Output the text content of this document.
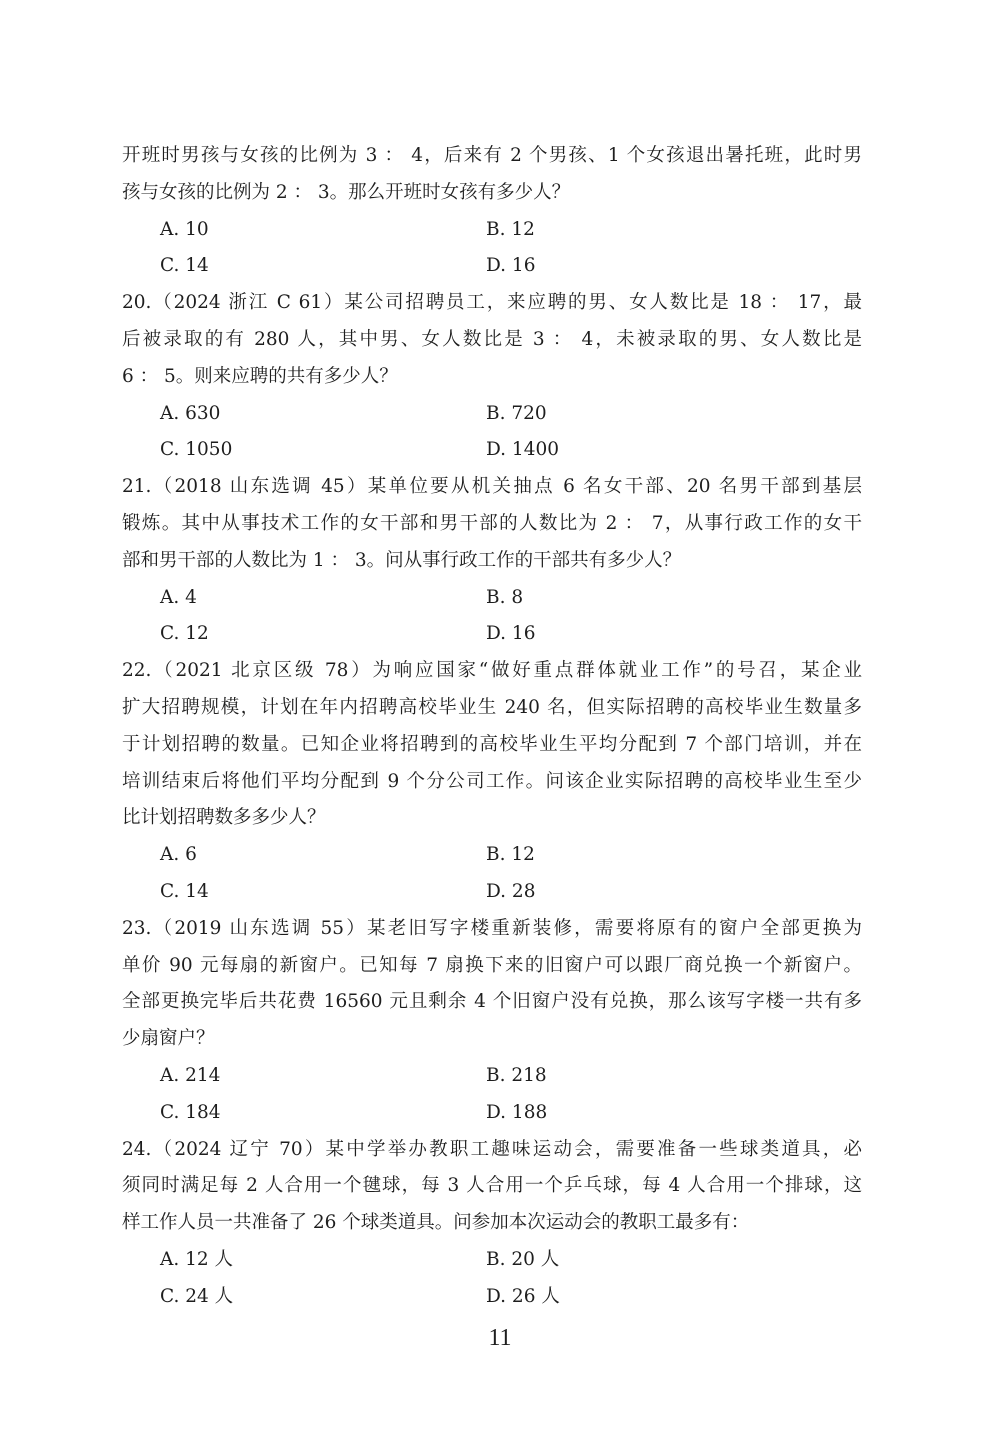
开班时男孩与女孩的比例为 3 ： 4，后来有 2 个男孩、1 个女孩退出暑托班，此时男
孩与女孩的比例为 2 ： 3。那么开班时女孩有多少人？
A. 10	B. 12
C. 14	D. 16
20.（2024 浙江 C 61）某公司招聘员工，来应聘的男、女人数比是 18 ： 17，最
后被录取的有 280 人，其中男、女人数比是 3 ： 4，未被录取的男、女人数比是
6 ： 5。则来应聘的共有多少人？
A. 630	B. 720
C. 1050	D. 1400
21.（2018 山东选调 45）某单位要从机关抽点 6 名女干部、20 名男干部到基层
锻炼。其中从事技术工作的女干部和男干部的人数比为 2 ： 7，从事行政工作的女干
部和男干部的人数比为 1 ： 3。问从事行政工作的干部共有多少人？
A. 4	B. 8
C. 12	D. 16
22.（2021 北京区级 78）为响应国家“做好重点群体就业工作”的号召，某企业
扩大招聘规模，计划在年内招聘高校毕业生 240 名，但实际招聘的高校毕业生数量多
于计划招聘的数量。已知企业将招聘到的高校毕业生平均分配到 7 个部门培训，并在
培训结束后将他们平均分配到 9 个分公司工作。问该企业实际招聘的高校毕业生至少
比计划招聘数多多少人？
A. 6	B. 12
C. 14	D. 28
23.（2019 山东选调 55）某老旧写字楼重新装修，需要将原有的窗户全部更换为
单价 90 元每扇的新窗户。已知每 7 扇换下来的旧窗户可以跟厂商兑换一个新窗户。
全部更换完毕后共花费 16560 元且剩余 4 个旧窗户没有兑换，那么该写字楼一共有多
少扇窗户？
A. 214	B. 218
C. 184	D. 188
24.（2024 辽宁 70）某中学举办教职工趣味运动会，需要准备一些球类道具，必
须同时满足每 2 人合用一个毽球，每 3 人合用一个乒乓球，每 4 人合用一个排球，这
样工作人员一共准备了 26 个球类道具。问参加本次运动会的教职工最多有：
A. 12 人	B. 20 人
C. 24 人	D. 26 人
11
